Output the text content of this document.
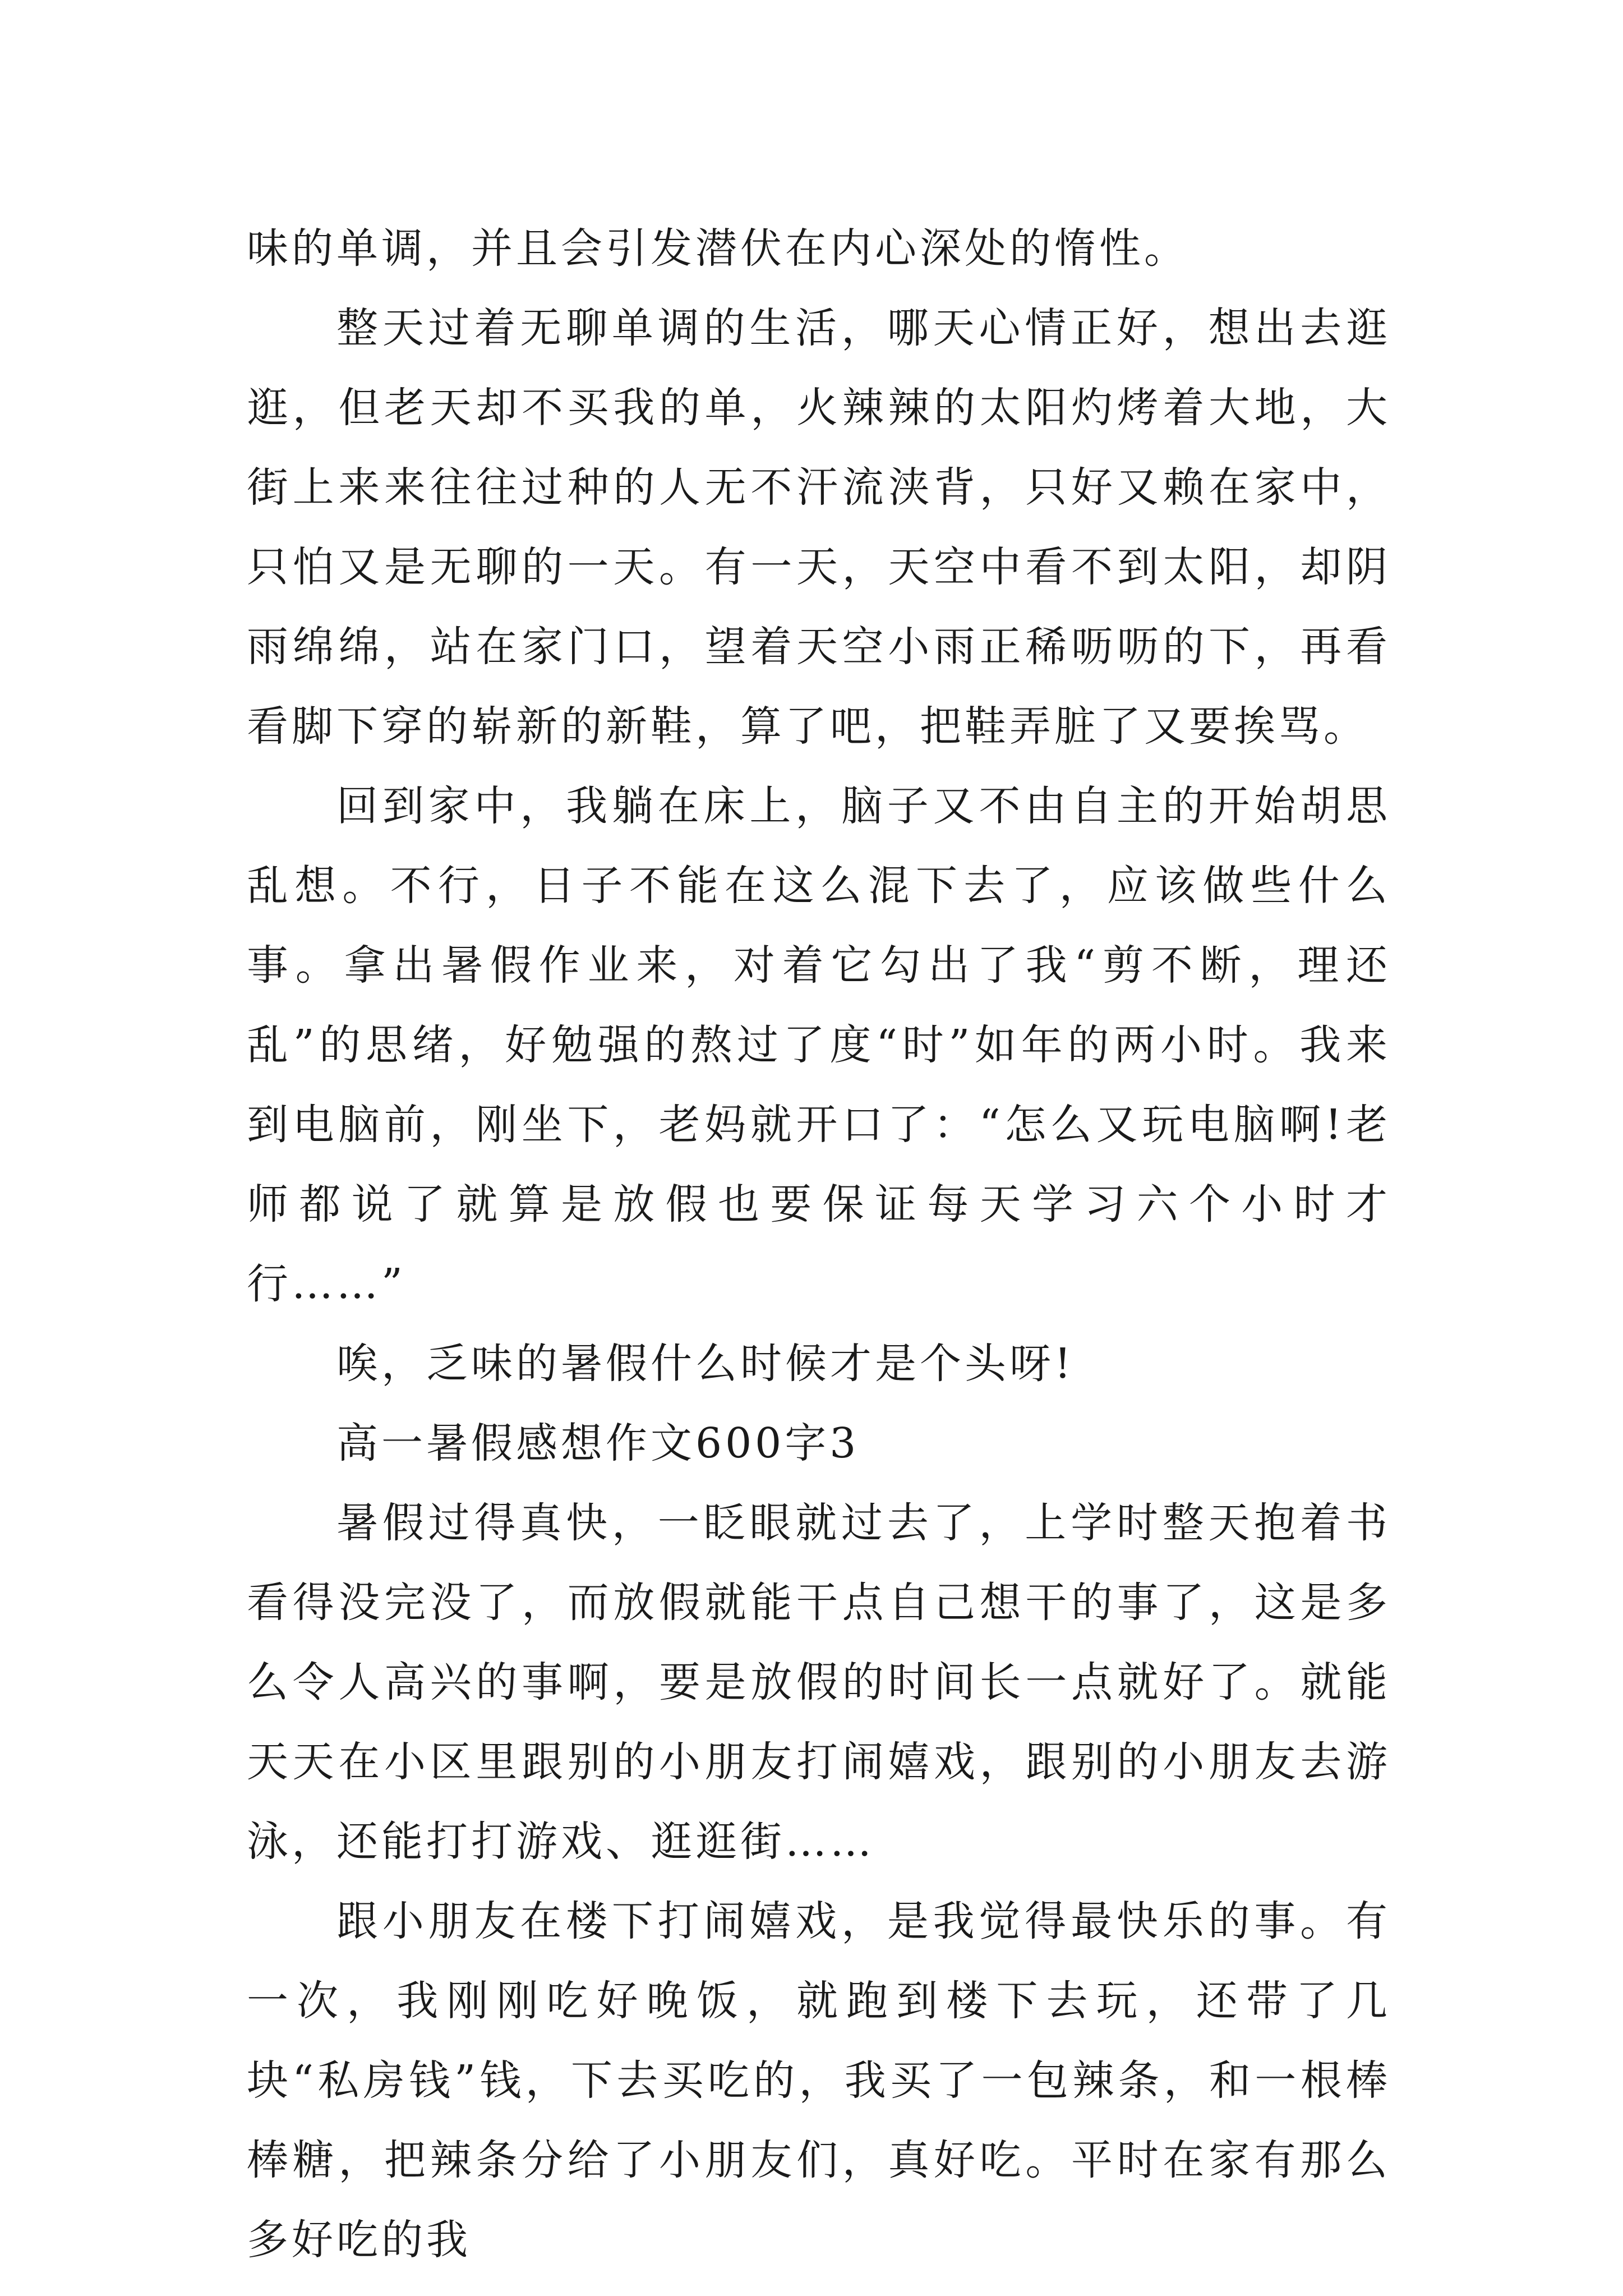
味的单调，并且会引发潜伏在内心深处的惰性。

整天过着无聊单调的生活，哪天心情正好，想出去逛逛，但老天却不买我的单，火辣辣的太阳灼烤着大地，大街上来来往往过种的人无不汗流浃背，只好又赖在家中，只怕又是无聊的一天。有一天，天空中看不到太阳，却阴雨绵绵，站在家门口，望着天空小雨正稀呖呖的下，再看看脚下穿的崭新的新鞋，算了吧，把鞋弄脏了又要挨骂。

回到家中，我躺在床上，脑子又不由自主的开始胡思乱想。不行，日子不能在这么混下去了，应该做些什么事。拿出暑假作业来，对着它勾出了我“剪不断，理还乱”的思绪，好勉强的熬过了度“时”如年的两小时。我来到电脑前，刚坐下，老妈就开口了：“怎么又玩电脑啊!老师都说了就算是放假也要保证每天学习六个小时才行……”

唉，乏味的暑假什么时候才是个头呀!

高一暑假感想作文600字3

暑假过得真快，一眨眼就过去了，上学时整天抱着书看得没完没了，而放假就能干点自己想干的事了，这是多么令人高兴的事啊，要是放假的时间长一点就好了。就能天天在小区里跟别的小朋友打闹嬉戏，跟别的小朋友去游泳，还能打打游戏、逛逛街……

跟小朋友在楼下打闹嬉戏，是我觉得最快乐的事。有一次，我刚刚吃好晚饭，就跑到楼下去玩，还带了几块“私房钱”钱，下去买吃的，我买了一包辣条，和一根棒棒糖，把辣条分给了小朋友们，真好吃。平时在家有那么多好吃的我
